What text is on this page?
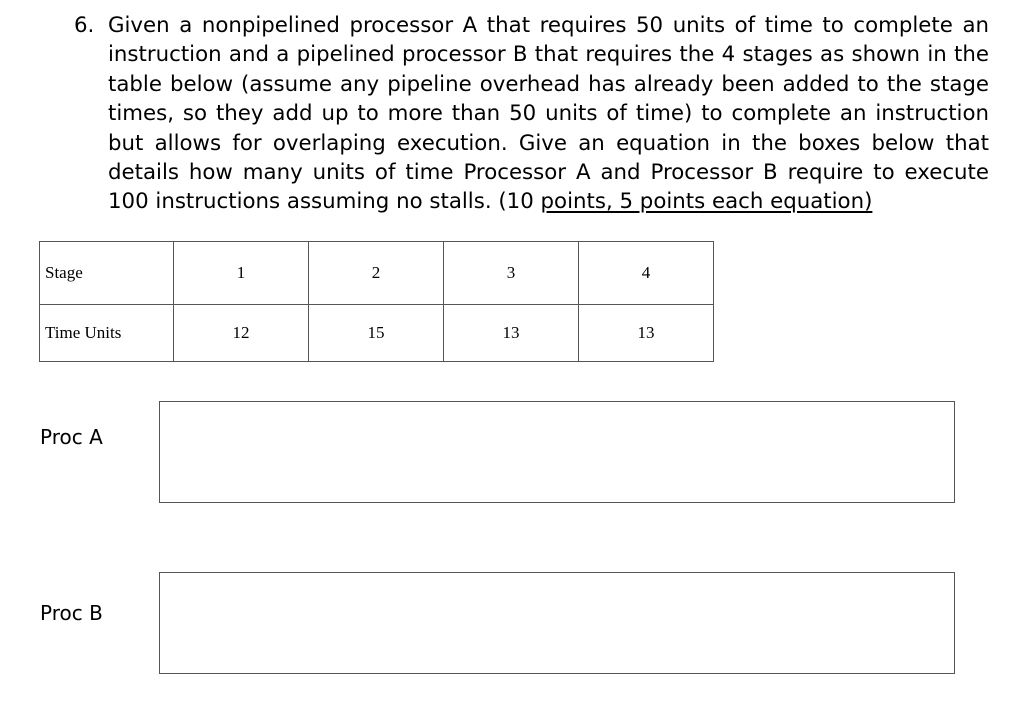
6. Given a nonpipelined processor A that requires 50 units of time to complete an instruction and a pipelined processor B that requires the 4 stages as shown in the table below (assume any pipeline overhead has already been added to the stage times, so they add up to more than 50 units of time) to complete an instruction but allows for overlaping execution. Give an equation in the boxes below that details how many units of time Processor A and Processor B require to execute 100 instructions assuming no stalls. (10 points, 5 points each equation)
Stage	1	2	3	4
Time Units	12	15	13	13
Proc A
Proc B
